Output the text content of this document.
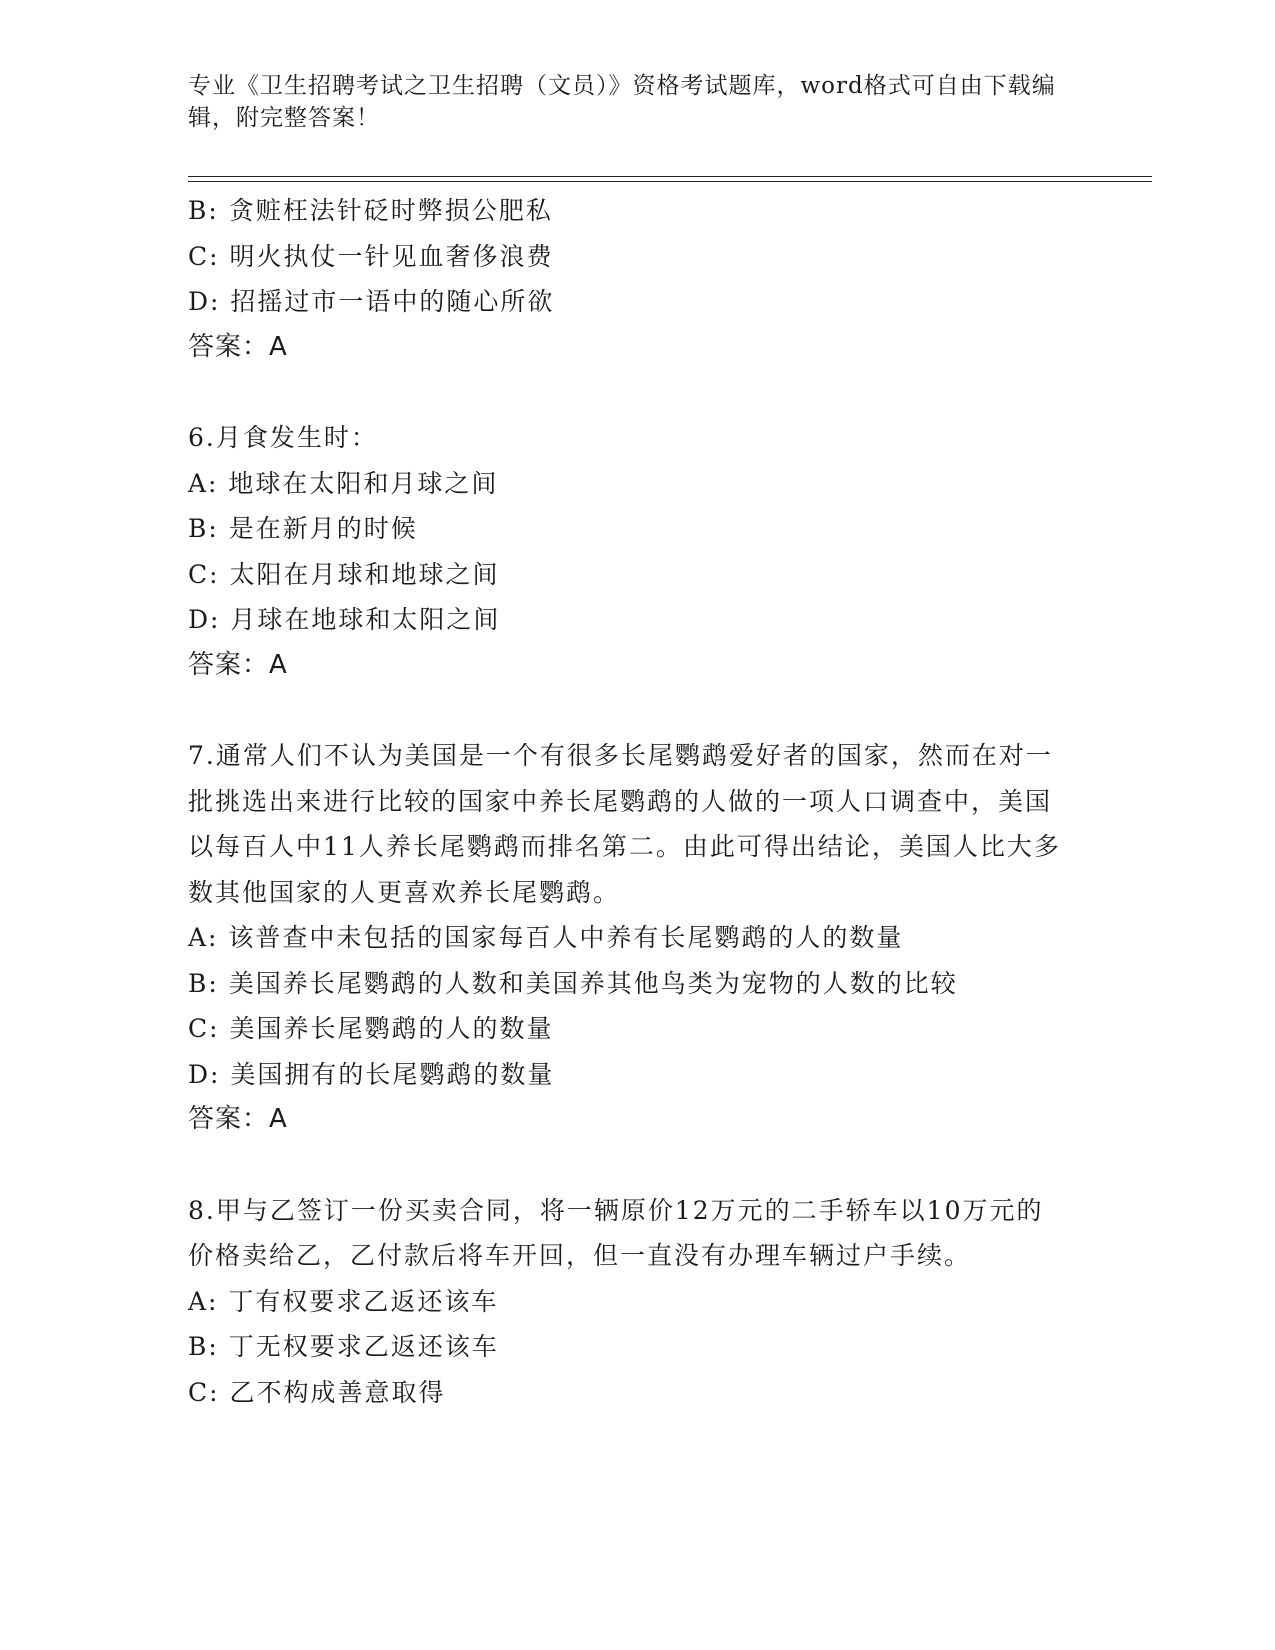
专业《卫生招聘考试之卫生招聘（文员）》资格考试题库，word格式可自由下载编辑，附完整答案！
B: 贪赃枉法针砭时弊损公肥私
C: 明火执仗一针见血奢侈浪费
D: 招摇过市一语中的随心所欲
答案：A
6.月食发生时：
A: 地球在太阳和月球之间
B: 是在新月的时候
C: 太阳在月球和地球之间
D: 月球在地球和太阳之间
答案：A
7.通常人们不认为美国是一个有很多长尾鹦鹉爱好者的国家，然而在对一批挑选出来进行比较的国家中养长尾鹦鹉的人做的一项人口调查中，美国以每百人中11人养长尾鹦鹉而排名第二。由此可得出结论，美国人比大多数其他国家的人更喜欢养长尾鹦鹉。
A: 该普查中未包括的国家每百人中养有长尾鹦鹉的人的数量
B: 美国养长尾鹦鹉的人数和美国养其他鸟类为宠物的人数的比较
C: 美国养长尾鹦鹉的人的数量
D: 美国拥有的长尾鹦鹉的数量
答案：A
8.甲与乙签订一份买卖合同，将一辆原价12万元的二手轿车以10万元的价格卖给乙，乙付款后将车开回，但一直没有办理车辆过户手续。
A: 丁有权要求乙返还该车
B: 丁无权要求乙返还该车
C: 乙不构成善意取得
